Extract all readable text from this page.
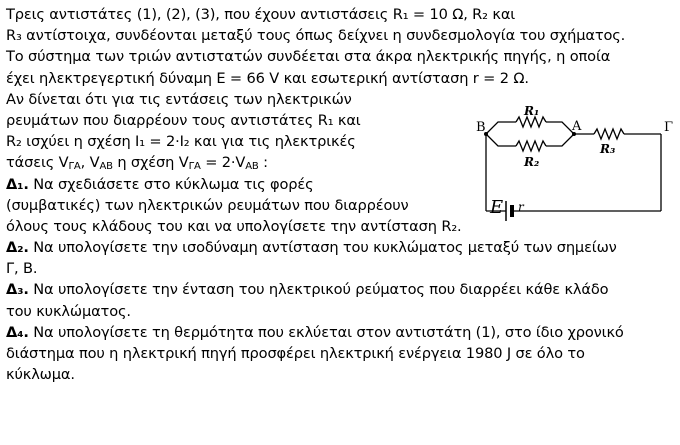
Τρεις αντιστάτες (1), (2), (3), που έχουν αντιστάσεις R₁ = 10 Ω, R₂ και
R₃ αντίστοιχα, συνδέονται μεταξύ τους όπως δείχνει η συνδεσμολογία του σχήματος.
Το σύστημα των τριών αντιστατών συνδέεται στα άκρα ηλεκτρικής πηγής, η οποία
έχει ηλεκτρεγερτική δύναμη Ε = 66 V και εσωτερική αντίσταση r = 2 Ω.
Αν δίνεται ότι για τις εντάσεις των ηλεκτρικών
ρευμάτων που διαρρέουν τους αντιστάτες R₁ και
R₂ ισχύει η σχέση I₁ = 2·I₂ και για τις ηλεκτρικές
τάσεις $V_{\Gamma A}$, $V_{AB}$ η σχέση $V_{\Gamma A} = 2\cdot V_{AB}$ :
Δ₁. Να σχεδιάσετε στο κύκλωμα τις φορές
(συμβατικές) των ηλεκτρικών ρευμάτων που διαρρέουν
όλους τους κλάδους του και να υπολογίσετε την αντίσταση R₂.
Δ₂. Να υπολογίσετε την ισοδύναμη αντίσταση του κυκλώματος μεταξύ των σημείων
Γ, Β.
Δ₃. Να υπολογίσετε την ένταση του ηλεκτρικού ρεύματος που διαρρέει κάθε κλάδο
του κυκλώματος.
Δ₄. Να υπολογίσετε τη θερμότητα που εκλύεται στον αντιστάτη (1), στο ίδιο χρονικό
διάστημα που η ηλεκτρική πηγή προσφέρει ηλεκτρική ενέργεια 1980 J σε όλο το
κύκλωμα.
Β	Α	Γ
R₁
R₂
R₃
Ε r
